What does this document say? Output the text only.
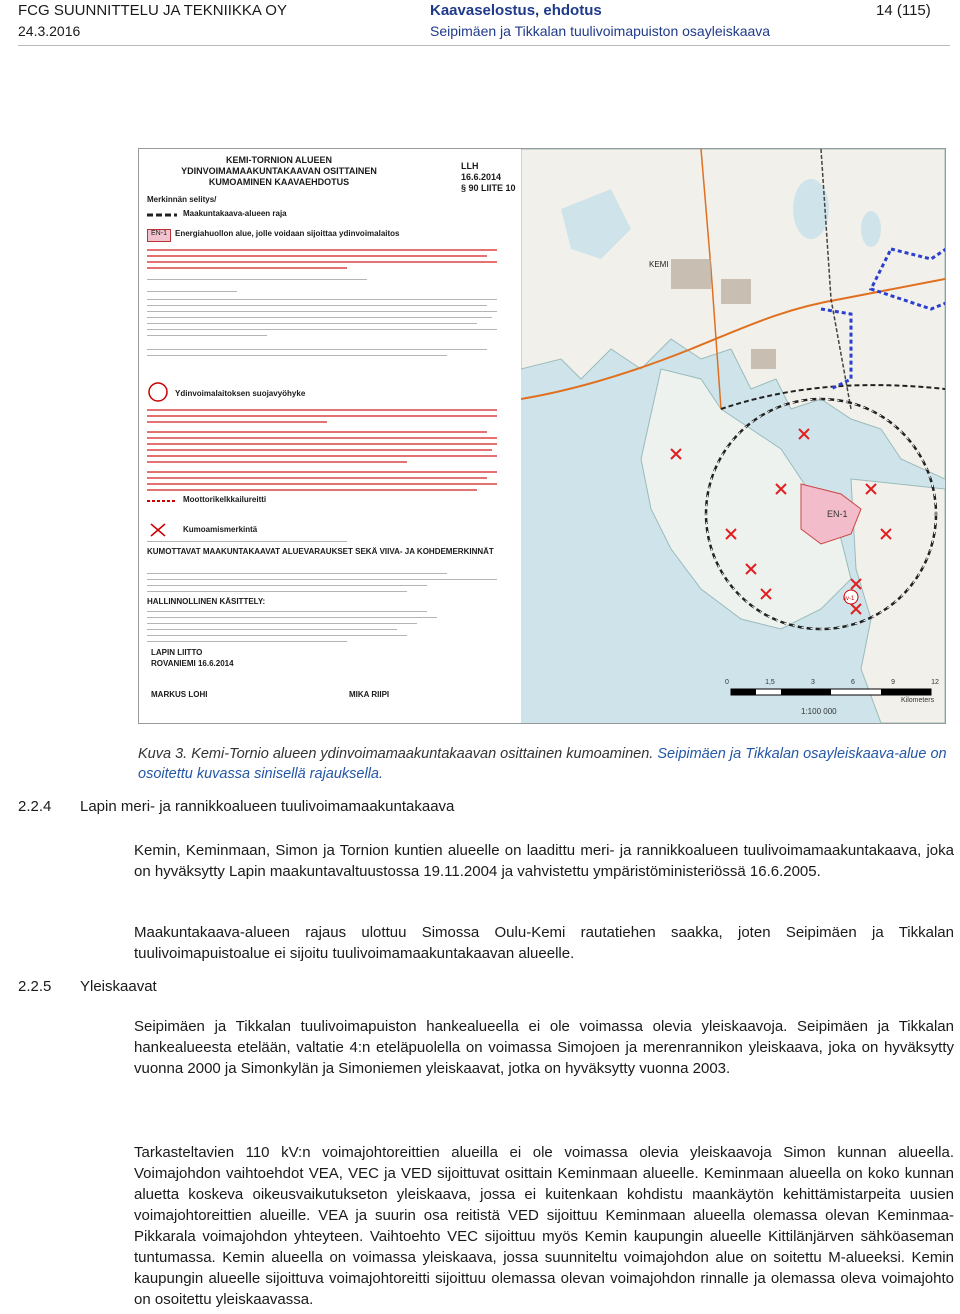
FCG SUUNNITTELU JA TEKNIIKKA OY
24.3.2016
Kaavaselostus, ehdotus
Seipimäen ja Tikkalan tuulivoimapuiston osayleiskaava
14 (115)
KEMI-TORNION ALUEEN YDINVOIMAMAAKUNTAKAAVAN OSITTAINEN KUMOAMINEN KAAVAEHDOTUS
LLH 16.6.2014
§ 90 LIITE 10
Merkinnän selitys/
Maakuntakaava-alueen raja
EN-1	Energiahuollon alue, jolle voidaan sijoittaa ydinvoimalaitos
Ydinvoimalaitoksen suojavyöhyke
Moottorikelkkailureitti
Kumoamismerkintä
KUMOTTAVAT MAAKUNTAKAAVAT ALUEVARAUKSET SEKÄ VIIVA- JA KOHDEMERKINNÄT
HALLINNOLLINEN KÄSITTELY:
LAPIN LIITTO
ROVANIEMI 16.6.2014
MARKUS LOHI	MIKA RIIPI
EN-1
KEMI
sv-1
0	1,5	3	6	9	12
Kilometers
1:100 000
Kuva 3. Kemi-Tornio alueen ydinvoimamaakuntakaavan osittainen kumoaminen. Seipimäen ja Tikkalan osayleiskaava-alue on osoitettu kuvassa sinisellä rajauksella.
2.2.4 Lapin meri- ja rannikkoalueen tuulivoimamaakuntakaava
Kemin, Keminmaan, Simon ja Tornion kuntien alueelle on laadittu meri- ja rannikkoalueen tuulivoimamaakuntakaava, joka on hyväksytty Lapin maakuntavaltuustossa 19.11.2004 ja vahvistettu ympäristöministeriössä 16.6.2005.
Maakuntakaava-alueen rajaus ulottuu Simossa Oulu-Kemi rautatiehen saakka, joten Seipimäen ja Tikkalan tuulivoimapuistoalue ei sijoitu tuulivoimamaakuntakaavan alueelle.
2.2.5 Yleiskaavat
Seipimäen ja Tikkalan tuulivoimapuiston hankealueella ei ole voimassa olevia yleiskaavoja. Seipimäen ja Tikkalan hankealueesta etelään, valtatie 4:n eteläpuolella on voimassa Simojoen ja merenrannikon yleiskaava, joka on hyväksytty vuonna 2000 ja Simonkylän ja Simoniemen yleiskaavat, jotka on hyväksytty vuonna 2003.
Tarkasteltavien 110 kV:n voimajohtoreittien alueilla ei ole voimassa olevia yleiskaavoja Simon kunnan alueella. Voimajohdon vaihtoehdot VEA, VEC ja VED sijoittuvat osittain Keminmaan alueelle. Keminmaan alueella on koko kunnan aluetta koskeva oikeusvaikutukseton yleiskaava, jossa ei kuitenkaan kohdistu maankäytön kehittämistarpeita uusien voimajohtoreittien alueille. VEA ja suurin osa reitistä VED sijoittuu Keminmaan alueella olemassa olevan Keminmaa-Pikkarala voimajohdon yhteyteen. Vaihtoehto VEC sijoittuu myös Kemin kaupungin alueelle Kittilänjärven sähköaseman tuntumassa. Kemin alueella on voimassa yleiskaava, jossa suunniteltu voimajohdon alue on soitettu M-alueeksi. Kemin kaupungin alueelle sijoittuva voimajohtoreitti sijoittuu olemassa olevan voimajohdon rinnalle ja olemassa oleva voimajohto on osoitettu yleiskaavassa.
